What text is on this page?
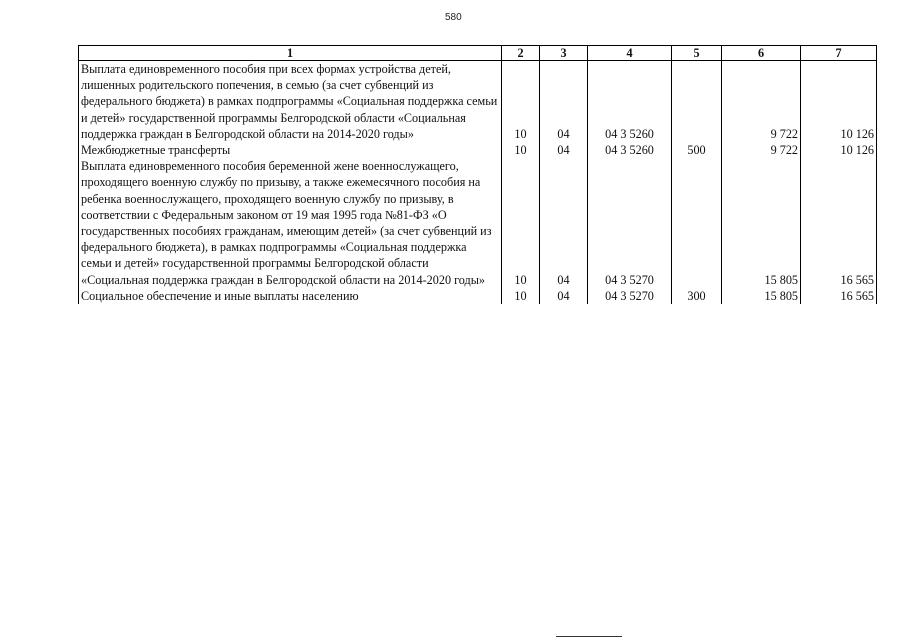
580
1	2	3	4	5	6	7
Выплата единовременного пособия при всех формах устройства детей, лишенных родительского попечения, в семью (за счет субвенций из федерального бюджета) в рамках подпрограммы «Социальная поддержка семьи и детей» государственной программы Белгородской области «Социальная поддержка граждан в Белгородской области на 2014-2020 годы»	10	04	04 3 5260		9 722	10 126
Межбюджетные трансферты	10	04	04 3 5260	500	9 722	10 126
Выплата единовременного пособия беременной жене военнослужащего, проходящего военную службу по призыву, а также ежемесячного пособия на ребенка военнослужащего, проходящего военную службу по призыву, в соответствии с Федеральным законом от 19 мая 1995 года №81-ФЗ «О государственных пособиях гражданам, имеющим детей» (за счет субвенций из федерального бюджета), в рамках подпрограммы «Социальная поддержка семьи и детей» государственной программы Белгородской области «Социальная поддержка граждан в Белгородской области на 2014-2020 годы»	10	04	04 3 5270		15 805	16 565
Социальное обеспечение и иные выплаты населению	10	04	04 3 5270	300	15 805	16 565
